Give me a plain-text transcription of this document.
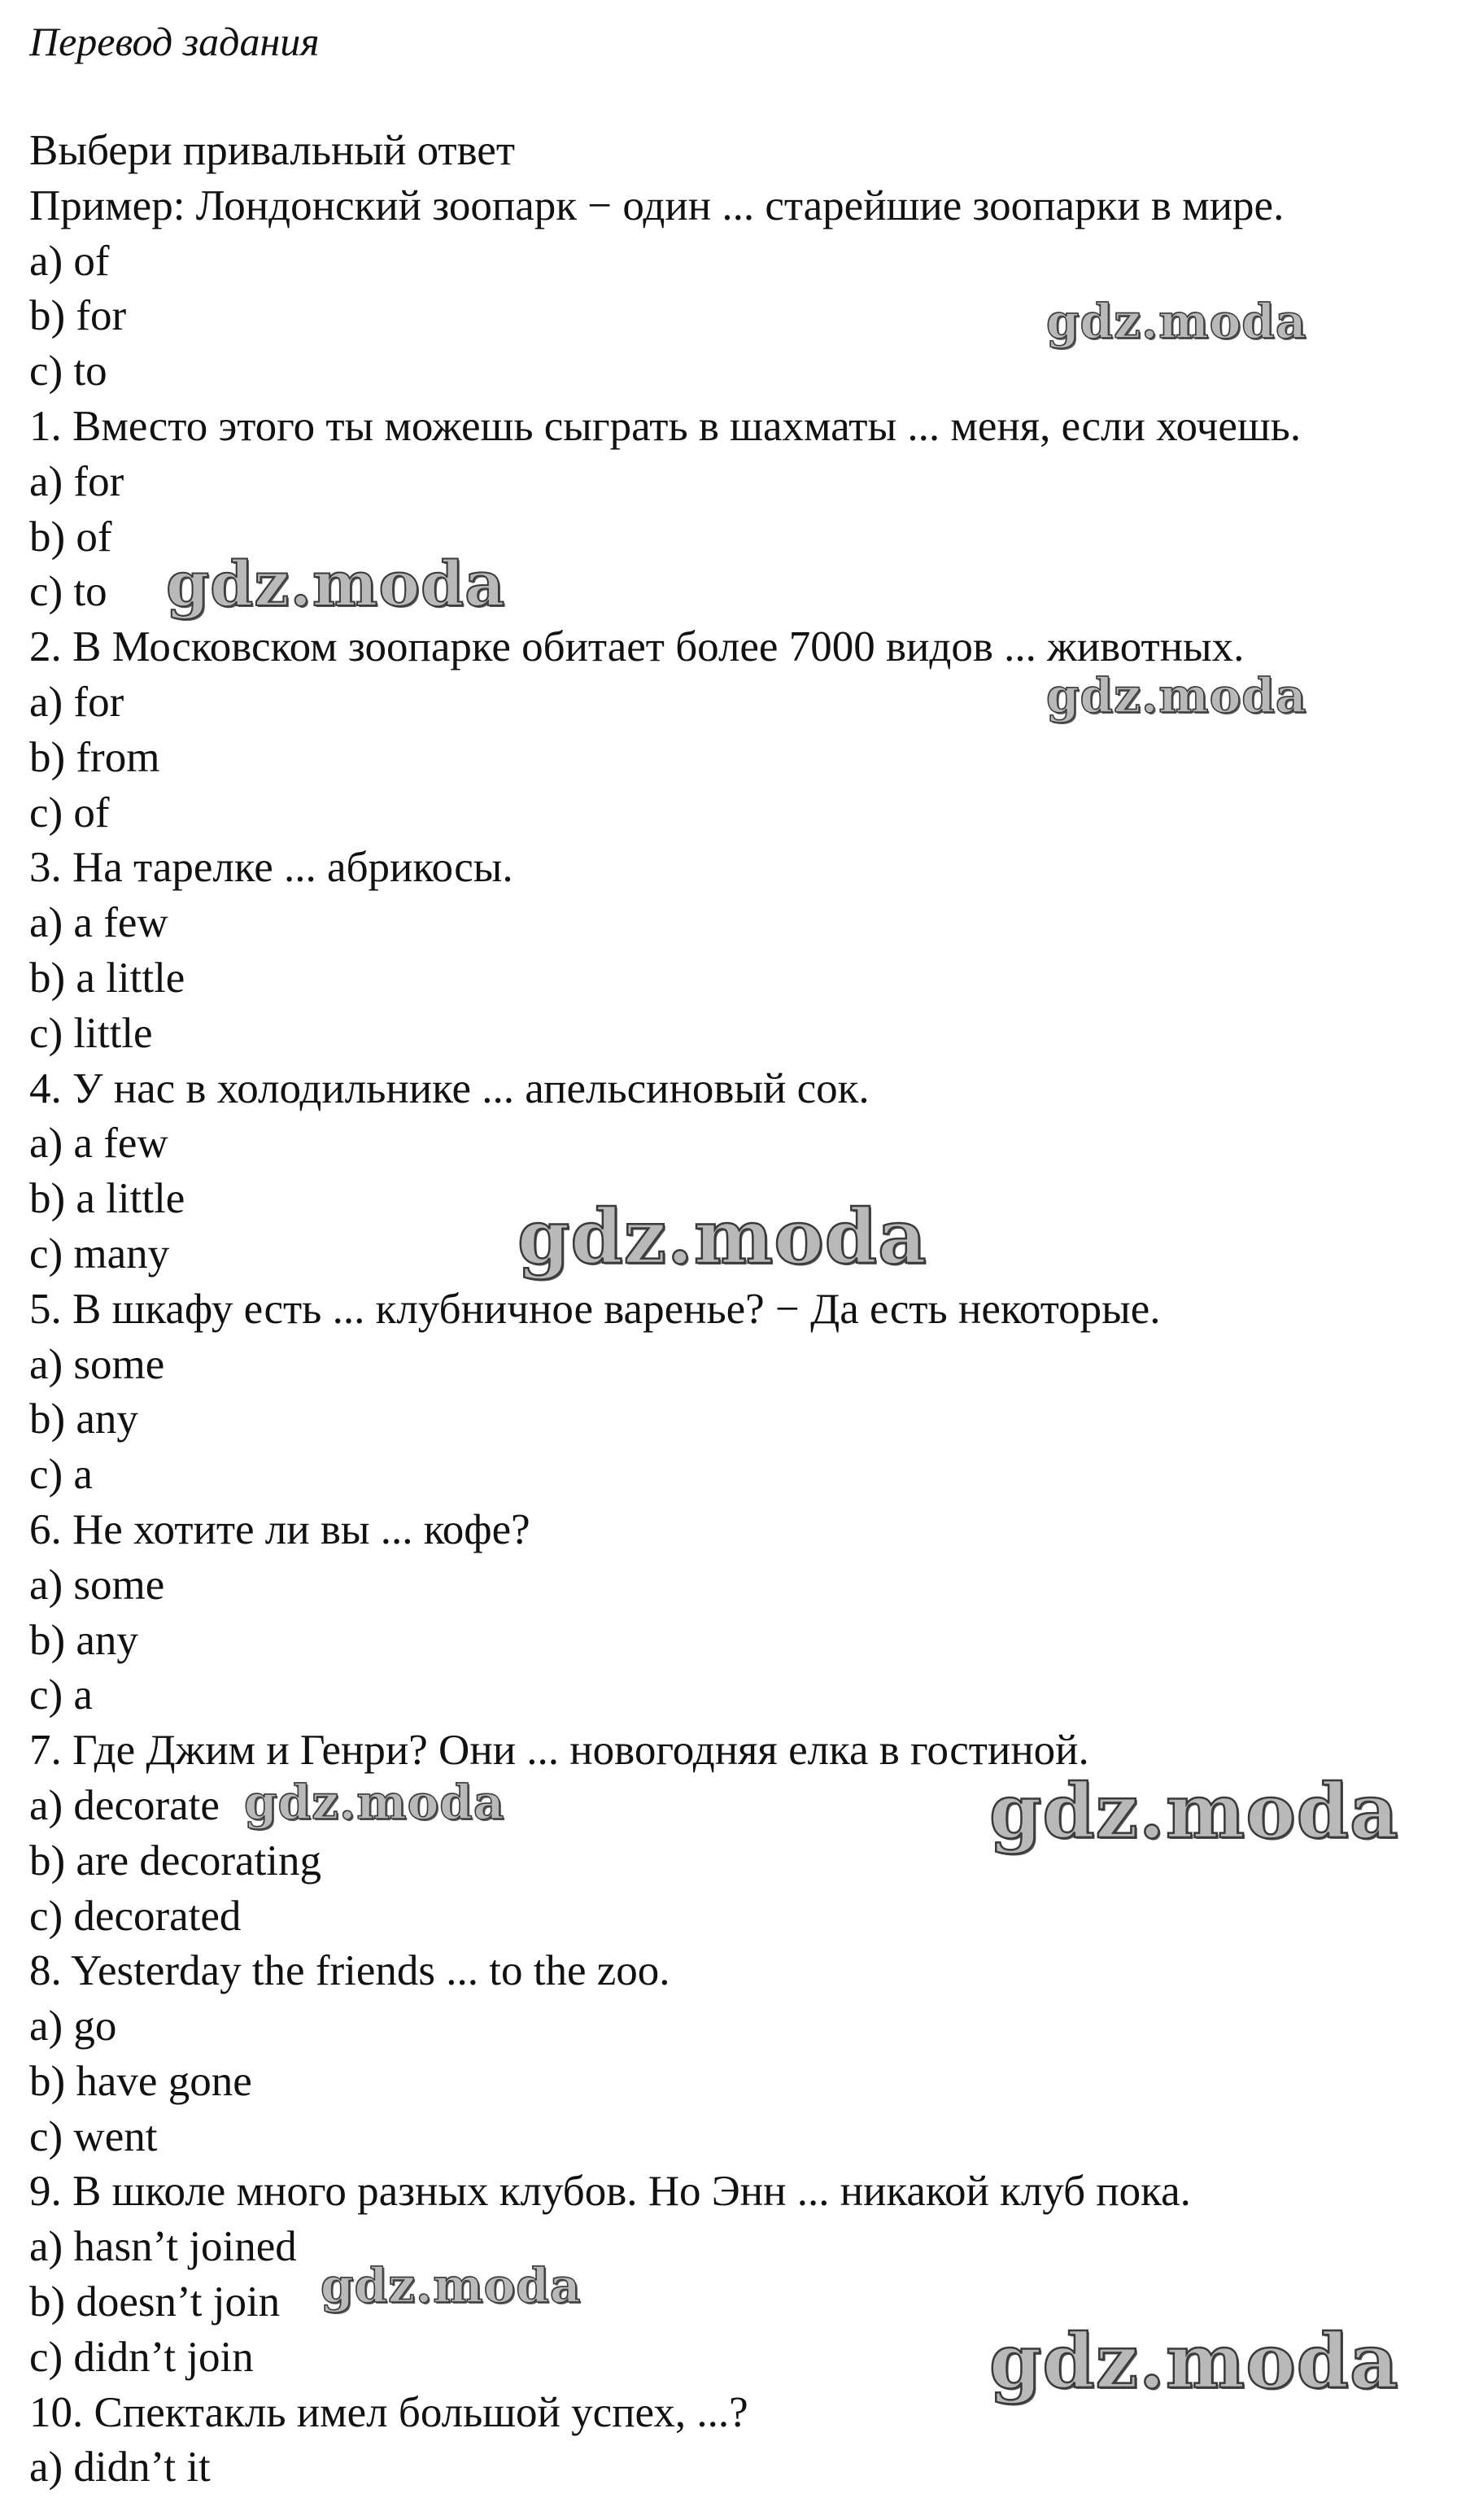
Перевод задания
Выбери привальный ответ
Пример: Лондонский зоопарк − один ... старейшие зоопарки в мире.
a) of
b) for
c) to
1. Вместо этого ты можешь сыграть в шахматы ... меня, если хочешь.
a) for
b) of
c) to
2. В Московском зоопарке обитает более 7000 видов ... животных.
a) for
b) from
c) of
3. На тарелке ... абрикосы.
a) a few
b) a little
c) little
4. У нас в холодильнике ... апельсиновый сок.
a) a few
b) a little
c) many
5. В шкафу есть ... клубничное варенье? − Да есть некоторые.
a) some
b) any
c) a
6. Не хотите ли вы ... кофе?
a) some
b) any
c) a
7. Где Джим и Генри? Они ... новогодняя елка в гостиной.
a) decorate
b) are decorating
c) decorated
8. Yesterday the friends ... to the zoo.
a) go
b) have gone
c) went
9. В школе много разных клубов. Но Энн ... никакой клуб пока.
a) hasn’t joined
b) doesn’t join
c) didn’t join
10. Спектакль имел большой успех, ...?
a) didn’t it
gdz.moda
gdz.moda
gdz.moda
gdz.moda
gdz.moda	gdz.moda
gdz.moda
gdz.moda
